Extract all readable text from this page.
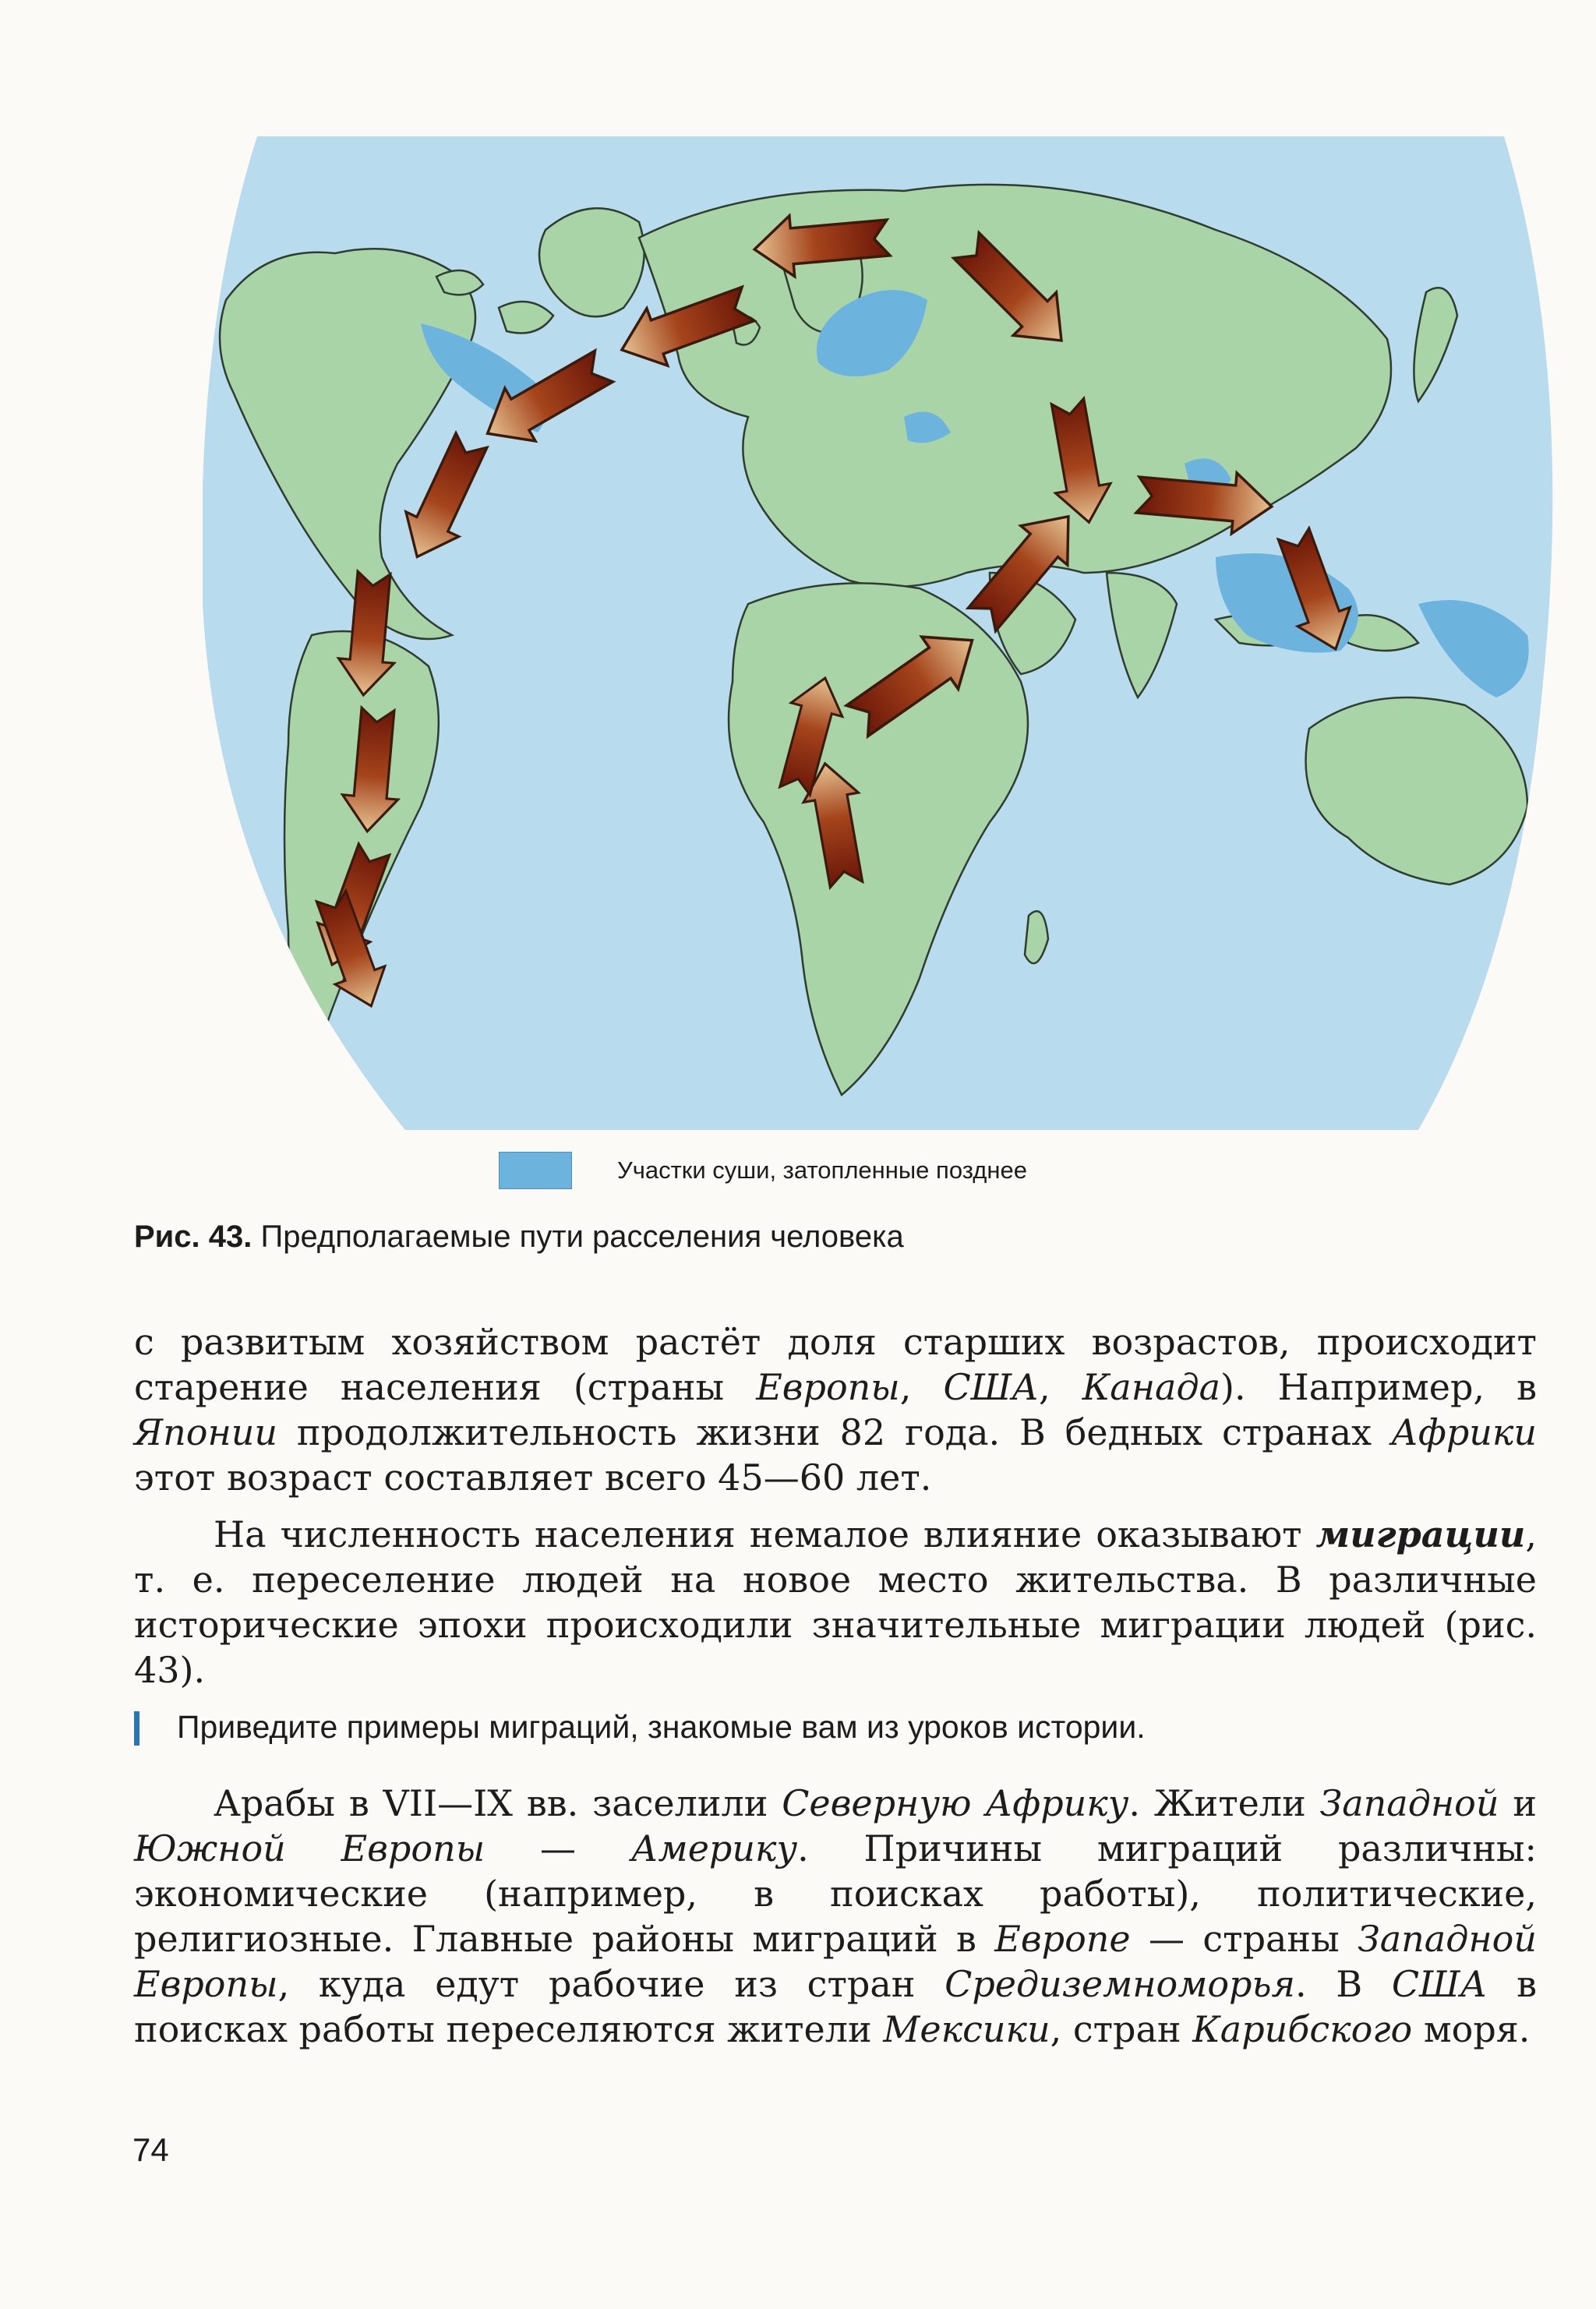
Участки суши, затопленные позднее
Рис. 43. Предполагаемые пути расселения человека

с развитым хозяйством растёт доля старших возрастов, происходит старение населения (страны Европы, США, Канада). Например, в Японии продолжительность жизни 82 года. В бедных странах Африки этот возраст составляет всего 45—60 лет.

На численность населения немалое влияние оказывают миграции, т. е. переселение людей на новое место жительства. В различные исторические эпохи происходили значительные миграции людей (рис. 43).

Приведите примеры миграций, знакомые вам из уроков истории.

Арабы в VII—IX вв. заселили Северную Африку. Жители Западной и Южной Европы — Америку. Причины миграций различны: экономические (например, в поисках работы), политические, религиозные. Главные районы миграций в Европе — страны Западной Европы, куда едут рабочие из стран Средиземноморья. В США в поисках работы переселяются жители Мексики, стран Карибского моря.

74
